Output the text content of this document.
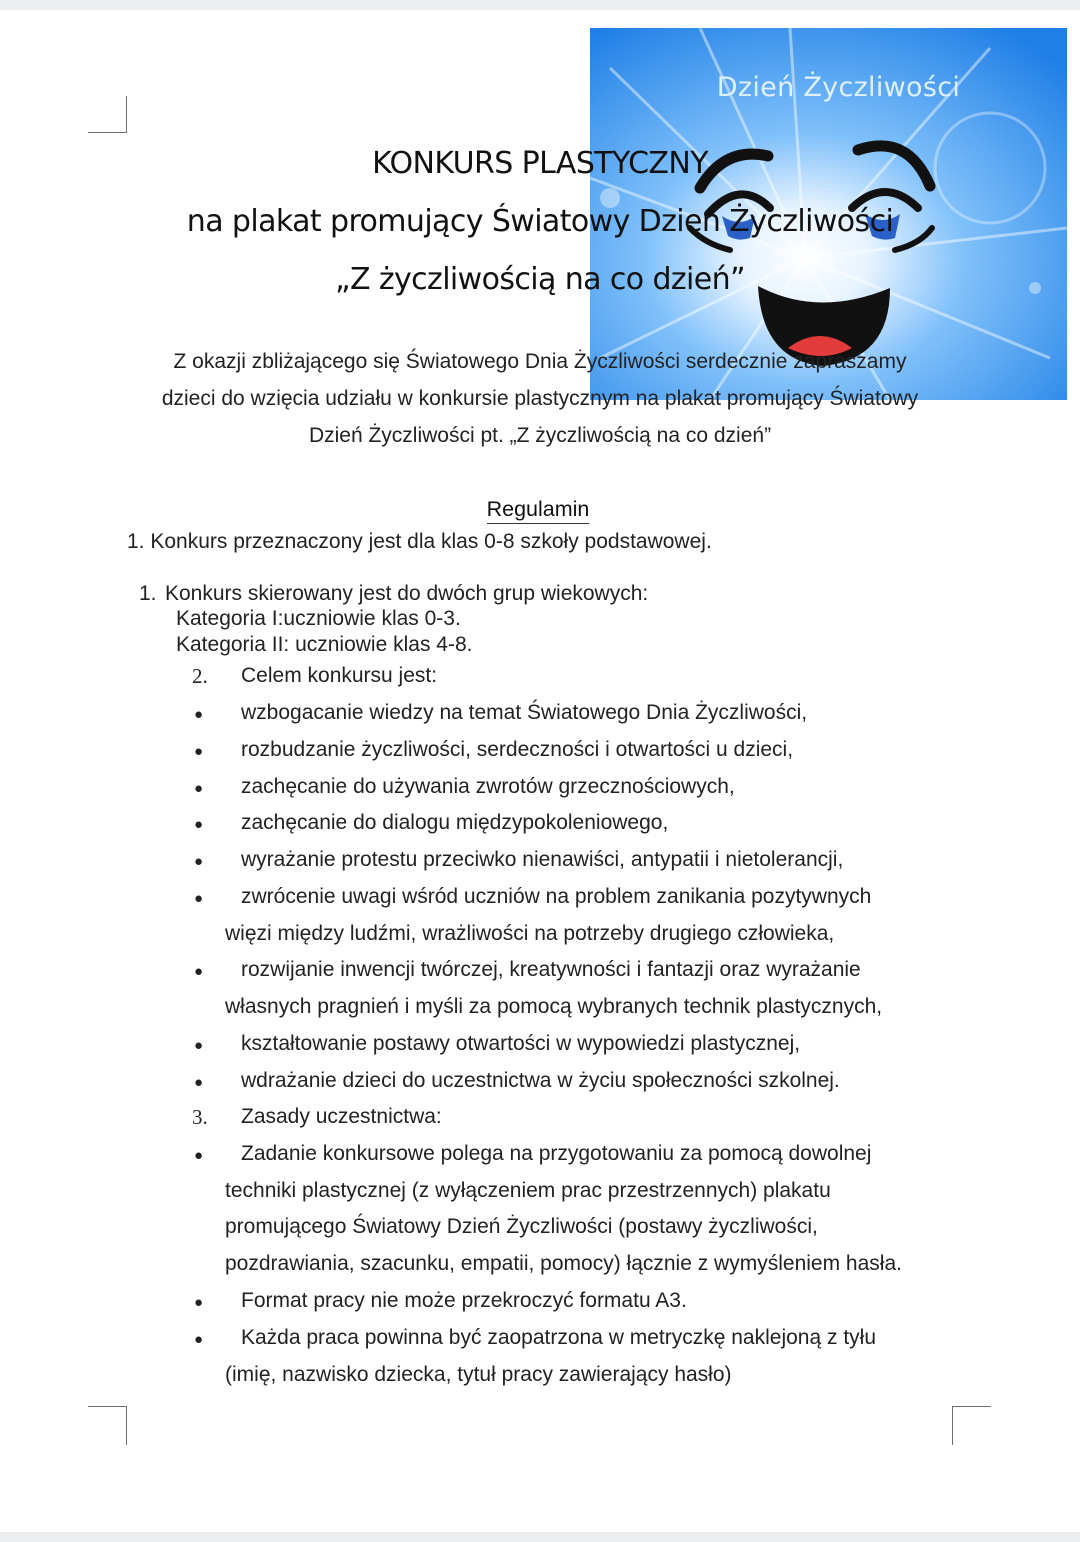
Dzień Życzliwości
KONKURS PLASTYCZNY
na plakat promujący Światowy Dzień Życzliwości
„Z życzliwością na co dzień”
Z okazji zbliżającego się Światowego Dnia Życzliwości serdecznie zapraszamy
dzieci do wzięcia udziału w konkursie plastycznym na plakat promujący Światowy
Dzień Życzliwości pt. „Z życzliwością na co dzień”
Regulamin
1. Konkurs przeznaczony jest dla klas 0-8 szkoły podstawowej.
1. Konkurs skierowany jest do dwóch grup wiekowych:
Kategoria I:uczniowie klas 0-3.
Kategoria II: uczniowie klas 4-8.
2. Celem konkursu jest:
● wzbogacanie wiedzy na temat Światowego Dnia Życzliwości,
● rozbudzanie życzliwości, serdeczności i otwartości u dzieci,
● zachęcanie do używania zwrotów grzecznościowych,
● zachęcanie do dialogu międzypokoleniowego,
● wyrażanie protestu przeciwko nienawiści, antypatii i nietolerancji,
● zwrócenie uwagi wśród uczniów na problem zanikania pozytywnych
więzi między ludźmi, wrażliwości na potrzeby drugiego człowieka,
● rozwijanie inwencji twórczej, kreatywności i fantazji oraz wyrażanie
własnych pragnień i myśli za pomocą wybranych technik plastycznych,
● kształtowanie postawy otwartości w wypowiedzi plastycznej,
● wdrażanie dzieci do uczestnictwa w życiu społeczności szkolnej.
3. Zasady uczestnictwa:
● Zadanie konkursowe polega na przygotowaniu za pomocą dowolnej
techniki plastycznej (z wyłączeniem prac przestrzennych) plakatu
promującego Światowy Dzień Życzliwości (postawy życzliwości,
pozdrawiania, szacunku, empatii, pomocy) łącznie z wymyśleniem hasła.
● Format pracy nie może przekroczyć formatu A3.
● Każda praca powinna być zaopatrzona w metryczkę naklejoną z tyłu
(imię, nazwisko dziecka, tytuł pracy zawierający hasło)
